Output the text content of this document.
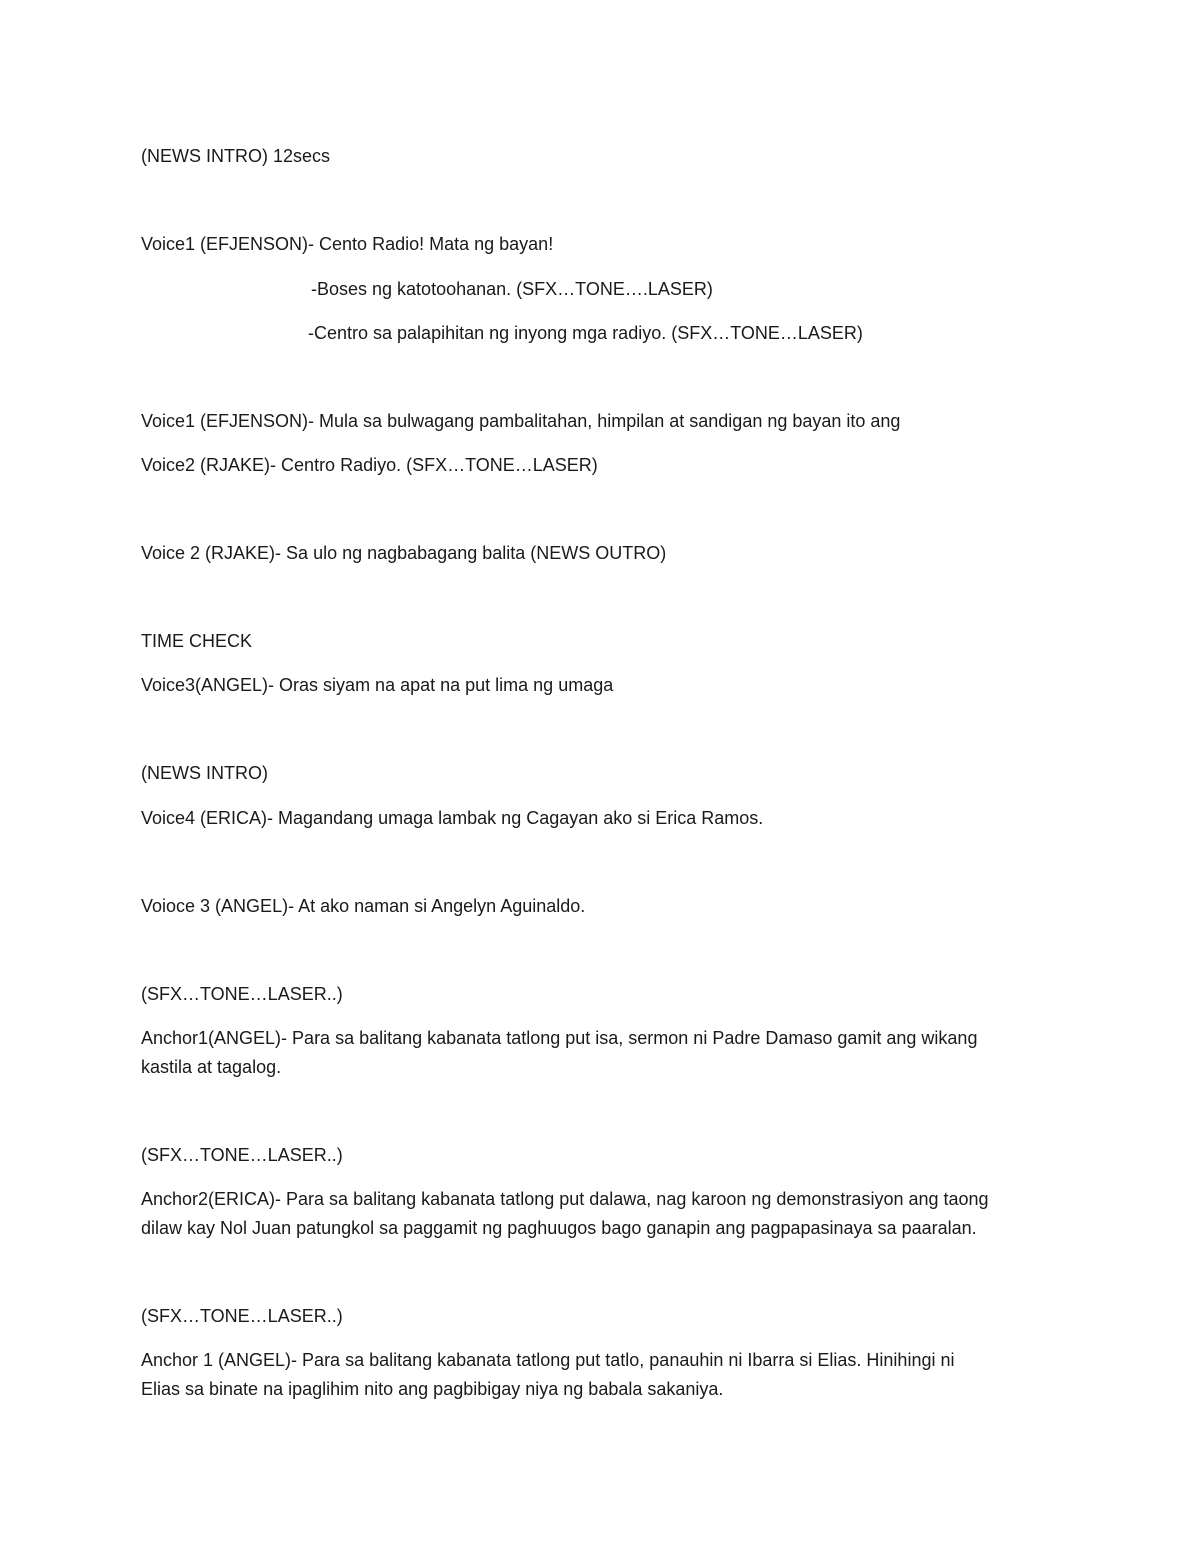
(NEWS INTRO) 12secs
Voice1 (EFJENSON)- Cento Radio! Mata ng bayan!
-Boses ng katotoohanan. (SFX…TONE….LASER)
-Centro sa palapihitan ng inyong mga radiyo. (SFX…TONE…LASER)
Voice1 (EFJENSON)- Mula sa bulwagang pambalitahan, himpilan at sandigan ng bayan ito ang
Voice2 (RJAKE)- Centro Radiyo. (SFX…TONE…LASER)
Voice 2 (RJAKE)- Sa ulo ng nagbabagang balita (NEWS OUTRO)
TIME CHECK
Voice3(ANGEL)- Oras siyam na apat na put lima ng umaga
(NEWS INTRO)
Voice4 (ERICA)- Magandang umaga lambak ng Cagayan ako si Erica Ramos.
Voioce 3 (ANGEL)- At ako naman si Angelyn Aguinaldo.
(SFX…TONE…LASER..)
Anchor1(ANGEL)- Para sa balitang kabanata tatlong put isa, sermon ni Padre Damaso gamit ang wikang
kastila at tagalog.
(SFX…TONE…LASER..)
Anchor2(ERICA)- Para sa balitang kabanata tatlong put dalawa, nag karoon ng demonstrasiyon ang taong
dilaw kay Nol Juan patungkol sa paggamit ng paghuugos bago ganapin ang pagpapasinaya sa paaralan.
(SFX…TONE…LASER..)
Anchor 1 (ANGEL)- Para sa balitang kabanata tatlong put tatlo, panauhin ni Ibarra si Elias. Hinihingi ni
Elias sa binate na ipaglihim nito ang pagbibigay niya ng babala sakaniya.
